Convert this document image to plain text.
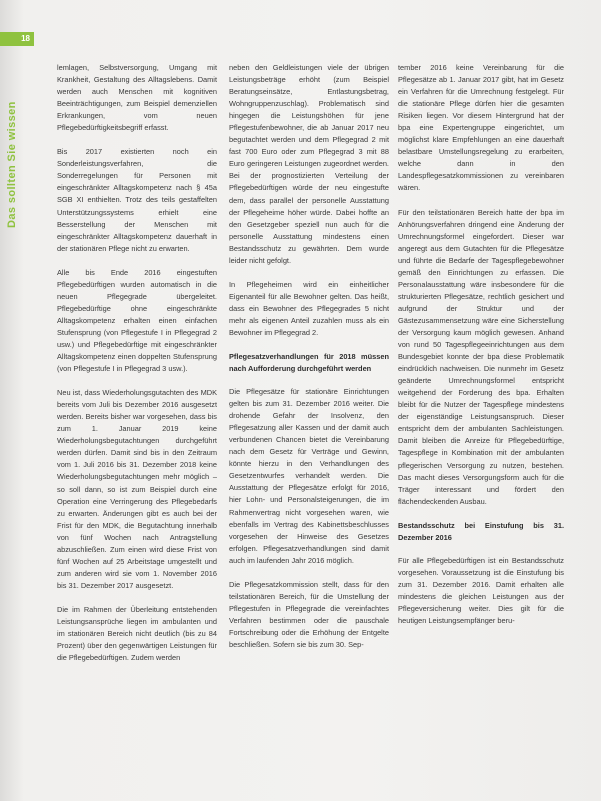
18
Das sollten Sie wissen

lemlagen, Selbstversorgung, Umgang mit Krankheit, Gestaltung des Alltagslebens. Damit werden auch Menschen mit kognitiven Beeinträchtigungen, zum Beispiel demenziellen Erkrankungen, vom neuen Pflegebedürftigkeitsbegriff erfasst.

Bis 2017 existierten noch ein Sonderleistungsverfahren, die Sonderregelungen für Personen mit eingeschränkter Alltagskompetenz nach § 45a SGB XI enthielten. Trotz des teils gestaffelten Unterstützungssystems erhielt eine Besserstellung der Menschen mit eingeschränkter Alltagskompetenz dauerhaft in der stationären Pflege nicht zu erwarten.

Alle bis Ende 2016 eingestuften Pflegebedürftigen wurden automatisch in die neuen Pflegegrade übergeleitet. Pflegebedürftige ohne eingeschränkte Alltagskompetenz erhalten einen einfachen Stufensprung (von Pflegestufe I in Pflegegrad 2 usw.) und Pflegebedürftige mit eingeschränkter Alltagskompetenz einen doppelten Stufensprung (von Pflegestufe I in Pflegegrad 3 usw.).

Neu ist, dass Wiederholungsgutachten des MDK bereits vom Juli bis Dezember 2016 ausgesetzt werden. Bereits bisher war vorgesehen, dass bis zum 1. Januar 2019 keine Wiederholungsbegutachtungen durchgeführt werden dürfen. Damit sind bis in den Zeitraum vom 1. Juli 2016 bis 31. Dezember 2018 keine Wiederholungsbegutachtungen mehr möglich – so soll dann, so ist zum Beispiel durch eine Operation eine Verringerung des Pflegebedarfs zu erwarten. Änderungen gibt es auch bei der Frist für den MDK, die Begutachtung innerhalb von fünf Wochen nach Antragstellung abzuschließen. Zum einen wird diese Frist von fünf Wochen auf 25 Arbeitstage umgestellt und zum anderen wird sie vom 1. November 2016 bis 31. Dezember 2017 ausgesetzt.

Die im Rahmen der Überleitung entstehenden Leistungsansprüche liegen im ambulanten und im stationären Bereich nicht deutlich (bis zu 84 Prozent) über den gegenwärtigen Leistungen für die Pflegebedürftigen. Zudem werden

neben den Geldleistungen viele der übrigen Leistungsbeträge erhöht (zum Beispiel Beratungseinsätze, Entlastungsbetrag, Wohngruppenzuschlag). Problematisch sind hingegen die Leistungshöhen für jene Pflegestufenbewohner, die ab Januar 2017 neu begutachtet werden und dem Pflegegrad 2 mit fast 700 Euro oder zum Pflegegrad 3 mit 88 Euro geringeren Leistungen zugeordnet werden. Bei der prognostizierten Verteilung der Pflegebedürftigen würde der neu eingestufte dem, dass parallel der personelle Ausstattung der Pflegeheime höher würde. Dabei hoffte an den Gesetzgeber speziell nun auch für die personelle Ausstattung mindestens einen Bestandsschutz zu gewährten. Dem wurde leider nicht gefolgt.

In Pflegeheimen wird ein einheitlicher Eigenanteil für alle Bewohner gelten. Das heißt, dass ein Bewohner des Pflegegrades 5 nicht mehr als eigenen Anteil zuzahlen muss als ein Bewohner im Pflegegrad 2.

Pflegesatzverhandlungen für 2018 müssen nach Aufforderung durchgeführt werden

Die Pflegesätze für stationäre Einrichtungen gelten bis zum 31. Dezember 2016 weiter. Die drohende Gefahr der Insolvenz, den Pflegesatzung aller Kassen und der damit auch verbundenen Chancen bietet die Vereinbarung nach dem Gesetz für Verträge und Gewinn, könnte hierzu in den Verhandlungen des Gesetzentwurfes verhandelt werden. Die Ausstattung der Pflegesätze erfolgt für 2016, hier Lohn- und Personalsteigerungen, die im Rahmenvertrag nicht vorgesehen waren, wie ebenfalls im Vertrag des Kabinettsbeschlusses vorgesehen der Hinweise des Gesetzes erfolgen. Pflegesatzverhandlungen sind damit auch im laufenden Jahr 2016 möglich.

Die Pflegesatzkommission stellt, dass für den teilstationären Bereich, für die Umstellung der Pflegestufen in Pflegegrade die vereinfachtes Verfahren bestimmen oder die pauschale Fortschreibung oder die Erhöhung der Entgelte beschließen. Sofern sie bis zum 30. Sep-

tember 2016 keine Vereinbarung für die Pflegesätze ab 1. Januar 2017 gibt, hat im Gesetz ein Verfahren für die Umrechnung festgelegt. Für die stationäre Pflege dürfen hier die gesamten Risiken liegen. Vor diesem Hintergrund hat der bpa eine Expertengruppe eingerichtet, um möglichst klare Empfehlungen an eine dauerhaft belastbare Umstellungsregelung zu erarbeiten, welche dann in den Landespflegesatzkommissionen zu vereinbaren wären.

Für den teilstationären Bereich hatte der bpa im Anhörungsverfahren dringend eine Änderung der Umrechnungsformel eingefordert. Dieser war angeregt aus dem Gutachten für die Pflegesätze und führte die Bedarfe der Tagespflegebewohner gemäß den Einrichtungen zu erfassen. Die Personalausstattung wäre insbesondere für die strukturierten Pflegesätze, rechtlich gesichert und aufgrund der Struktur und der Gästezusammensetzung wäre eine Sicherstellung der Versorgung kaum möglich gewesen. Anhand von rund 50 Tagespflegeeinrichtungen aus dem Bundesgebiet konnte der bpa diese Problematik eindrücklich nachweisen. Die nunmehr im Gesetz geänderte Umrechnungsformel entspricht weitgehend der Forderung des bpa. Erhalten bleibt für die Nutzer der Tagespflege mindestens der eigenständige Leistungsanspruch. Dieser entspricht dem der ambulanten Sachleistungen. Damit bleiben die Anreize für Pflegebedürftige, Tagespflege in Kombination mit der ambulanten pflegerischen Versorgung zu nutzen, bestehen. Das macht dieses Versorgungsform auch für die Träger interessant und fördert den flächendeckenden Ausbau.

Bestandsschutz bei Einstufung bis 31. Dezember 2016

Für alle Pflegebedürftigen ist ein Bestandsschutz vorgesehen. Voraussetzung ist die Einstufung bis zum 31. Dezember 2016. Damit erhalten alle mindestens die gleichen Leistungen aus der Pflegeversicherung weiter. Dies gilt für die heutigen Leistungsempfänger beru-
